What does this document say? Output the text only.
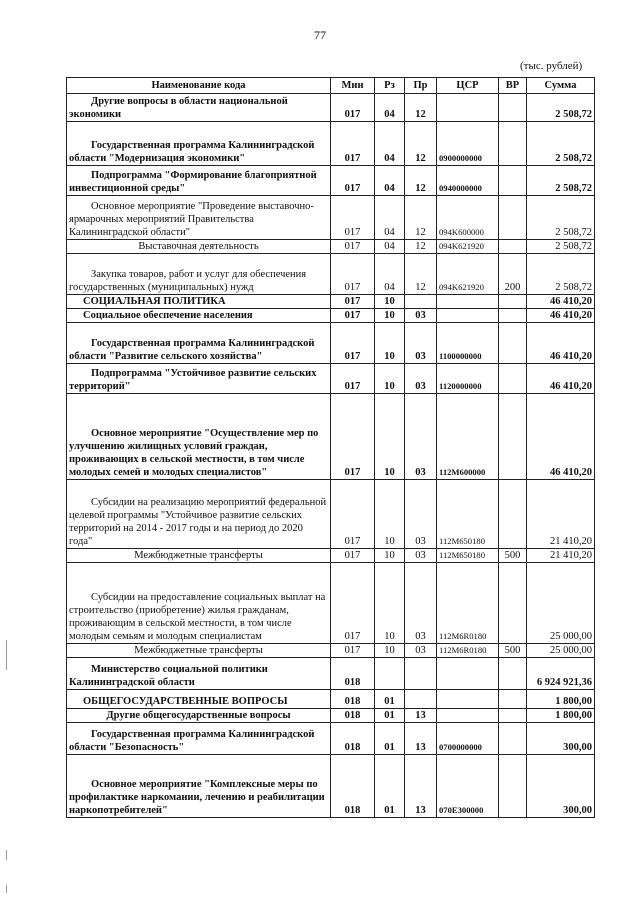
77
(тыс. рублей)
Наименование кода	Мин	Рз	Пр	ЦСР	ВР	Сумма
Другие вопросы в области национальной экономики	017	04	12			2 508,72
Государственная программа Калининградской области "Модернизация экономики"	017	04	12	0900000000		2 508,72
Подпрограмма "Формирование благоприятной инвестиционной среды"	017	04	12	0940000000		2 508,72
Основное мероприятие "Проведение выставочно-ярмарочных мероприятий Правительства Калининградской области"	017	04	12	094K600000		2 508,72
Выставочная деятельность	017	04	12	094K621920		2 508,72
Закупка товаров, работ и услуг для обеспечения государственных (муниципальных) нужд	017	04	12	094K621920	200	2 508,72
СОЦИАЛЬНАЯ ПОЛИТИКА	017	10				46 410,20
Социальное обеспечение населения	017	10	03			46 410,20
Государственная программа Калининградской области "Развитие сельского хозяйства"	017	10	03	1100000000		46 410,20
Подпрограмма "Устойчивое развитие сельских территорий"	017	10	03	1120000000		46 410,20
Основное мероприятие "Осуществление мер по улучшению жилищных условий граждан, проживающих в сельской местности, в том числе молодых семей и молодых специалистов"	017	10	03	112M600000		46 410,20
Субсидии на реализацию мероприятий федеральной целевой программы "Устойчивое развитие сельских территорий на 2014 - 2017 годы и на период до 2020 года"	017	10	03	112M650180		21 410,20
Межбюджетные трансферты	017	10	03	112M650180	500	21 410,20
Субсидии на предоставление социальных выплат на строительство (приобретение) жилья гражданам, проживающим в сельской местности, в том числе молодым семьям и молодым специалистам	017	10	03	112M6R0180		25 000,00
Межбюджетные трансферты	017	10	03	112M6R0180	500	25 000,00
Министерство социальной политики Калининградской области	018					6 924 921,36
ОБЩЕГОСУДАРСТВЕННЫЕ ВОПРОСЫ	018	01				1 800,00
Другие общегосударственные вопросы	018	01	13			1 800,00
Государственная программа Калининградской области "Безопасность"	018	01	13	0700000000		300,00
Основное мероприятие "Комплексные меры по профилактике наркомании, лечению и реабилитации наркопотребителей"	018	01	13	070E300000		300,00
